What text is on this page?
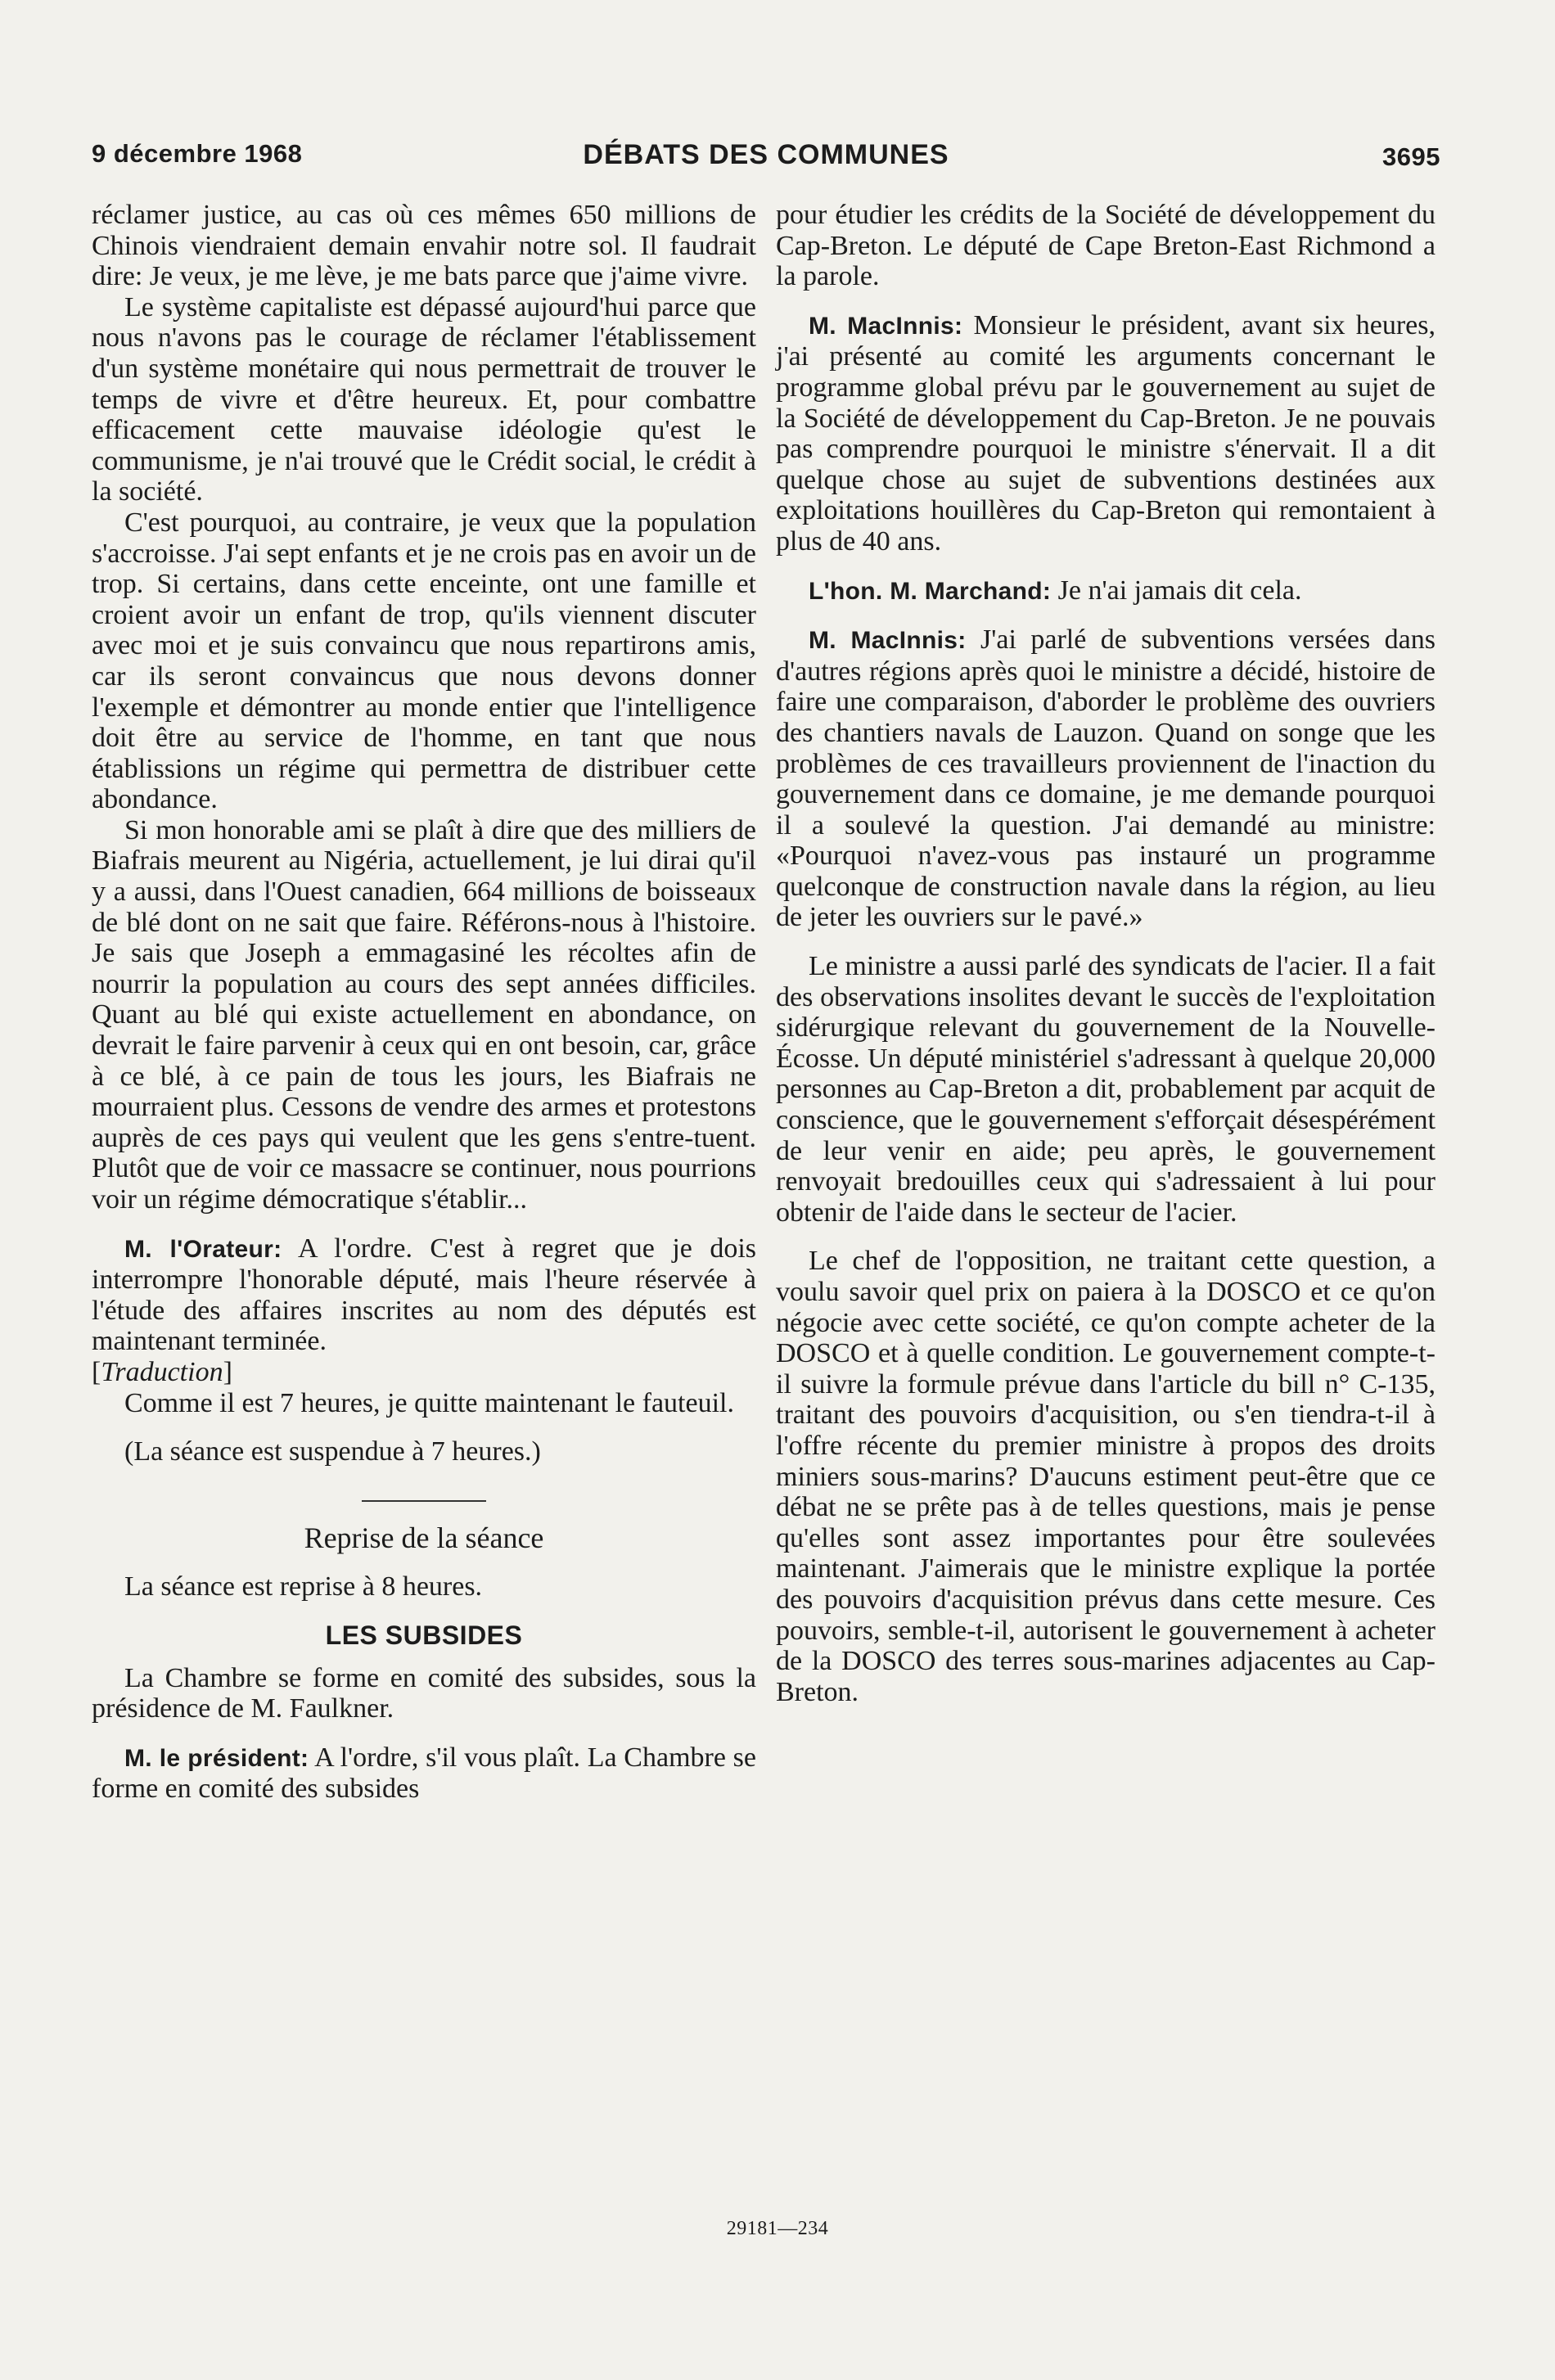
9 décembre 1968	DÉBATS DES COMMUNES	3695

réclamer justice, au cas où ces mêmes 650 millions de Chinois viendraient demain envahir notre sol. Il faudrait dire: Je veux, je me lève, je me bats parce que j'aime vivre.

Le système capitaliste est dépassé aujourd'hui parce que nous n'avons pas le courage de réclamer l'établissement d'un système monétaire qui nous permettrait de trouver le temps de vivre et d'être heureux. Et, pour combattre efficacement cette mauvaise idéologie qu'est le communisme, je n'ai trouvé que le Crédit social, le crédit à la société.

C'est pourquoi, au contraire, je veux que la population s'accroisse. J'ai sept enfants et je ne crois pas en avoir un de trop. Si certains, dans cette enceinte, ont une famille et croient avoir un enfant de trop, qu'ils viennent discuter avec moi et je suis convaincu que nous repartirons amis, car ils seront convaincus que nous devons donner l'exemple et démontrer au monde entier que l'intelligence doit être au service de l'homme, en tant que nous établissions un régime qui permettra de distribuer cette abondance.

Si mon honorable ami se plaît à dire que des milliers de Biafrais meurent au Nigéria, actuellement, je lui dirai qu'il y a aussi, dans l'Ouest canadien, 664 millions de boisseaux de blé dont on ne sait que faire. Référons-nous à l'histoire. Je sais que Joseph a emmagasiné les récoltes afin de nourrir la population au cours des sept années difficiles. Quant au blé qui existe actuellement en abondance, on devrait le faire parvenir à ceux qui en ont besoin, car, grâce à ce blé, à ce pain de tous les jours, les Biafrais ne mourraient plus. Cessons de vendre des armes et protestons auprès de ces pays qui veulent que les gens s'entre-tuent. Plutôt que de voir ce massacre se continuer, nous pourrions voir un régime démocratique s'établir...

M. l'Orateur: A l'ordre. C'est à regret que je dois interrompre l'honorable député, mais l'heure réservée à l'étude des affaires inscrites au nom des députés est maintenant terminée.

[Traduction]

Comme il est 7 heures, je quitte maintenant le fauteuil.

(La séance est suspendue à 7 heures.)

Reprise de la séance

La séance est reprise à 8 heures.

LES SUBSIDES

La Chambre se forme en comité des subsides, sous la présidence de M. Faulkner.

M. le président: A l'ordre, s'il vous plaît. La Chambre se forme en comité des subsides

pour étudier les crédits de la Société de développement du Cap-Breton. Le député de Cape Breton-East Richmond a la parole.

M. MacInnis: Monsieur le président, avant six heures, j'ai présenté au comité les arguments concernant le programme global prévu par le gouvernement au sujet de la Société de développement du Cap-Breton. Je ne pouvais pas comprendre pourquoi le ministre s'énervait. Il a dit quelque chose au sujet de subventions destinées aux exploitations houillères du Cap-Breton qui remontaient à plus de 40 ans.

L'hon. M. Marchand: Je n'ai jamais dit cela.

M. MacInnis: J'ai parlé de subventions versées dans d'autres régions après quoi le ministre a décidé, histoire de faire une comparaison, d'aborder le problème des ouvriers des chantiers navals de Lauzon. Quand on songe que les problèmes de ces travailleurs proviennent de l'inaction du gouvernement dans ce domaine, je me demande pourquoi il a soulevé la question. J'ai demandé au ministre: «Pourquoi n'avez-vous pas instauré un programme quelconque de construction navale dans la région, au lieu de jeter les ouvriers sur le pavé.»

Le ministre a aussi parlé des syndicats de l'acier. Il a fait des observations insolites devant le succès de l'exploitation sidérurgique relevant du gouvernement de la Nouvelle-Écosse. Un député ministériel s'adressant à quelque 20,000 personnes au Cap-Breton a dit, probablement par acquit de conscience, que le gouvernement s'efforçait désespérément de leur venir en aide; peu après, le gouvernement renvoyait bredouilles ceux qui s'adressaient à lui pour obtenir de l'aide dans le secteur de l'acier.

Le chef de l'opposition, ne traitant cette question, a voulu savoir quel prix on paiera à la DOSCO et ce qu'on négocie avec cette société, ce qu'on compte acheter de la DOSCO et à quelle condition. Le gouvernement compte-t-il suivre la formule prévue dans l'article du bill n° C-135, traitant des pouvoirs d'acquisition, ou s'en tiendra-t-il à l'offre récente du premier ministre à propos des droits miniers sous-marins? D'aucuns estiment peut-être que ce débat ne se prête pas à de telles questions, mais je pense qu'elles sont assez importantes pour être soulevées maintenant. J'aimerais que le ministre explique la portée des pouvoirs d'acquisition prévus dans cette mesure. Ces pouvoirs, semble-t-il, autorisent le gouvernement à acheter de la DOSCO des terres sous-marines adjacentes au Cap-Breton.

29181—234
